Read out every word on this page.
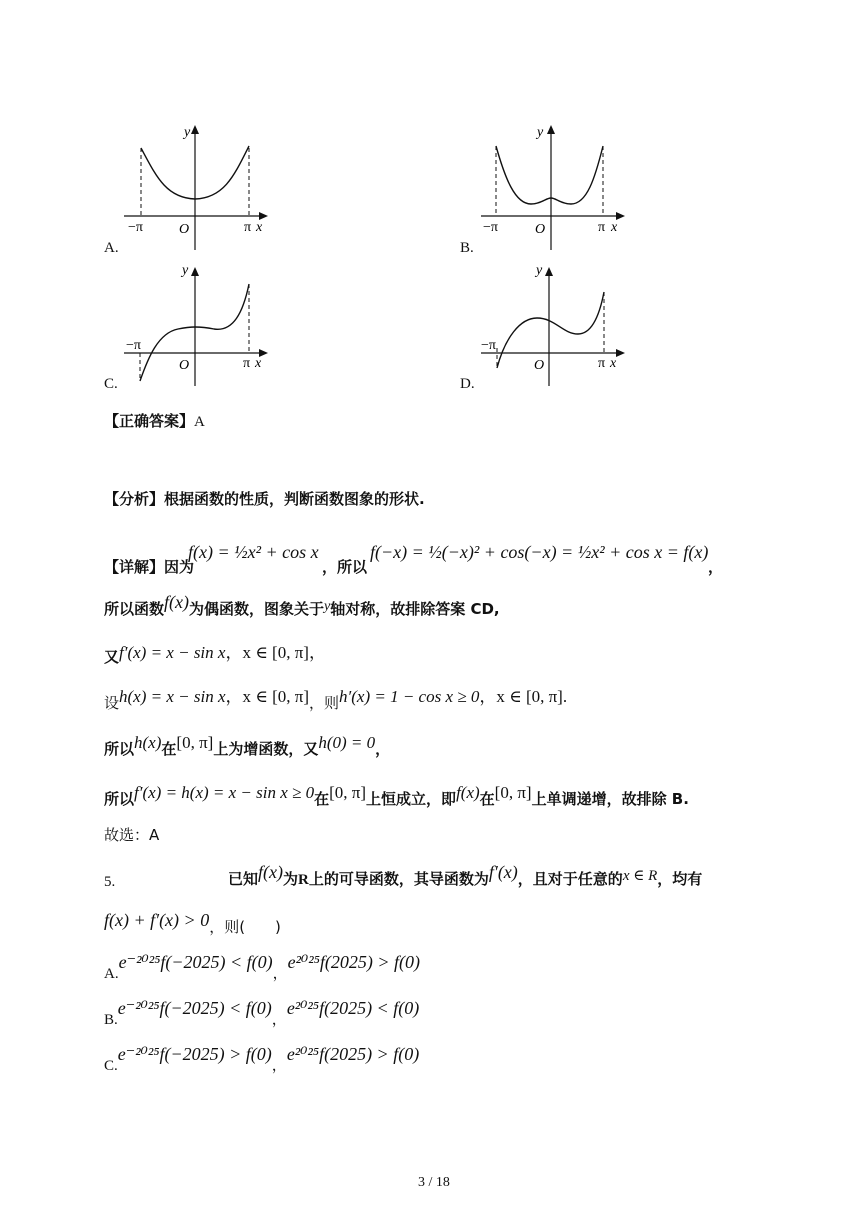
y
−π	O	π x
A.
y
−π	O	π x
B.
y
−π
O	π x
C.
y
−π
O	π x
D.
【正确答案】A
【分析】根据函数的性质，判断函数图象的形状.
【详解】 因为
f(x) = ½x² + cos x
，所以
f(−x) = ½(−x)² + cos(−x) = ½x² + cos x = f(x)
，
所以函数f(x)为偶函数，图象关于y轴对称，故排除答案 CD,
又f′(x) = x − sin x，x ∈ [0, π]，
设h(x) = x − sin x，x ∈ [0, π]，则h′(x) = 1 − cos x ≥ 0，x ∈ [0, π].
所以h(x)在[0, π]上为增函数，又h(0) = 0，
所以f′(x) = h(x) = x − sin x ≥ 0在[0, π]上恒成立，即f(x)在[0, π]上单调递增，故排除 B.
故选：A
5.	已知f(x)为R上的可导函数，其导函数为f′(x)，且对于任意的x ∈ R，均有
f(x) + f′(x) > 0，则(　　)
A.e⁻²⁰²⁵f(−2025) < f(0)，e²⁰²⁵f(2025) > f(0)
B.e⁻²⁰²⁵f(−2025) < f(0)，e²⁰²⁵f(2025) < f(0)
C.e⁻²⁰²⁵f(−2025) > f(0)，e²⁰²⁵f(2025) > f(0)
3 / 18
